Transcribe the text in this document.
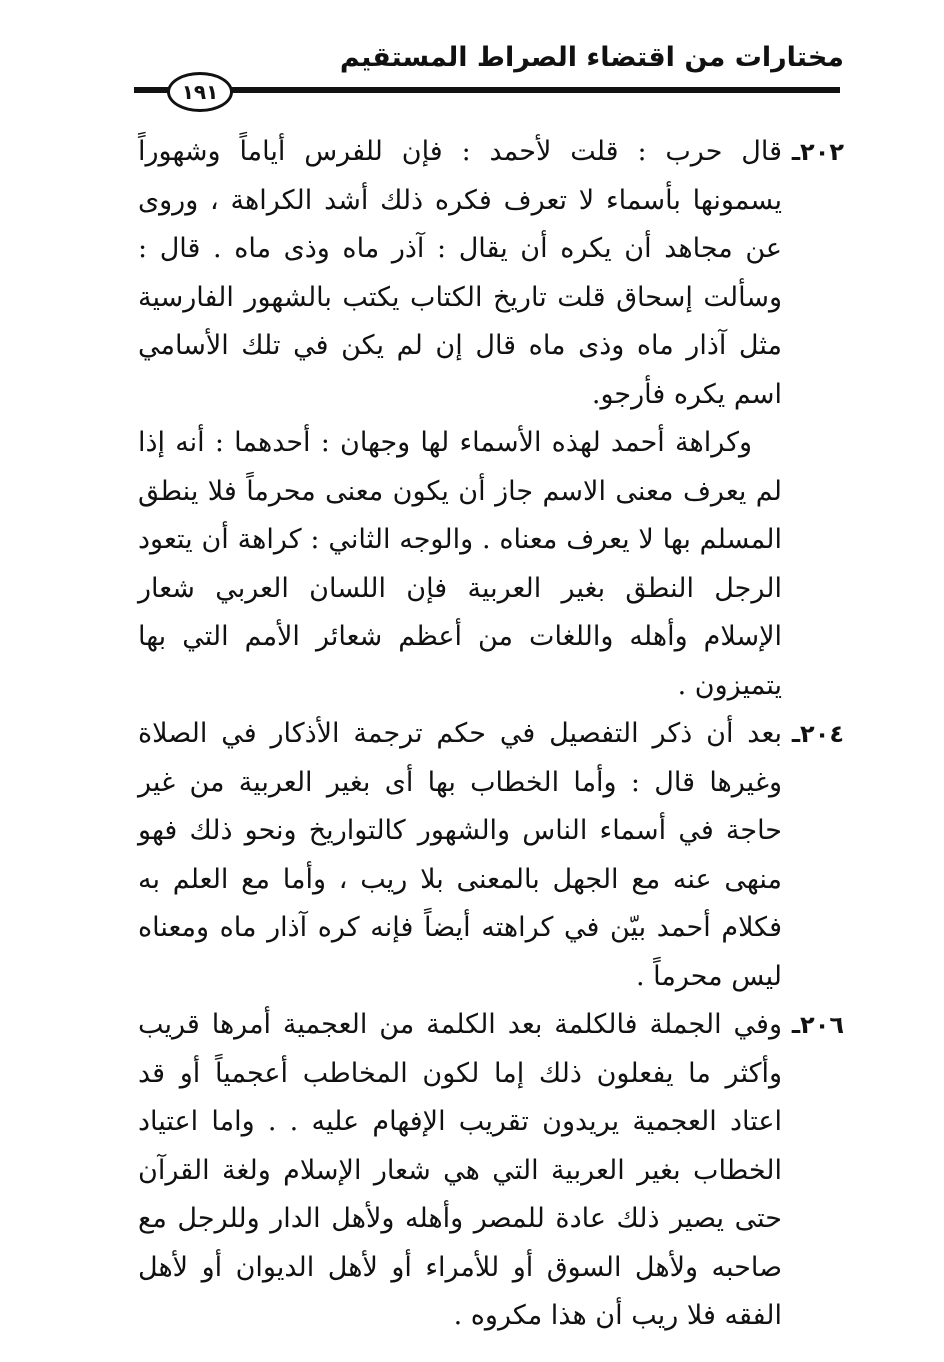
مختارات من اقتضاء الصراط المستقيم
١٩١
٢٠٢ـ

قال حرب : قلت لأحمد : فإن للفرس أياماً وشهوراً يسمونها بأسماء لا تعرف فكره ذلك أشد الكراهة ، وروى عن مجاهد أن يكره أن يقال : آذر ماه وذى ماه . قال : وسألت إسحاق قلت تاريخ الكتاب يكتب بالشهور الفارسية مثل آذار ماه وذى ماه قال إن لم يكن في تلك الأسامي اسم يكره فأرجو.

وكراهة أحمد لهذه الأسماء لها وجهان : أحدهما : أنه إذا لم يعرف معنى الاسم جاز أن يكون معنى محرماً فلا ينطق المسلم بها لا يعرف معناه . والوجه الثاني : كراهة أن يتعود الرجل النطق بغير العربية فإن اللسان العربي شعار الإسلام وأهله واللغات من أعظم شعائر الأمم التي بها يتميزون .

٢٠٤ـ

بعد أن ذكر التفصيل في حكم ترجمة الأذكار في الصلاة وغيرها قال : وأما الخطاب بها أى بغير العربية من غير حاجة في أسماء الناس والشهور كالتواريخ ونحو ذلك فهو منهى عنه مع الجهل بالمعنى بلا ريب ، وأما مع العلم به فكلام أحمد بيّن في كراهته أيضاً فإنه كره آذار ماه ومعناه ليس محرماً .

٢٠٦ـ

وفي الجملة فالكلمة بعد الكلمة من العجمية أمرها قريب وأكثر ما يفعلون ذلك إما لكون المخاطب أعجمياً أو قد اعتاد العجمية يريدون تقريب الإفهام عليه . . واما اعتياد الخطاب بغير العربية التي هي شعار الإسلام ولغة القرآن حتى يصير ذلك عادة للمصر وأهله ولأهل الدار وللرجل مع صاحبه ولأهل السوق أو للأمراء أو لأهل الديوان أو لأهل الفقه فلا ريب أن هذا مكروه .
